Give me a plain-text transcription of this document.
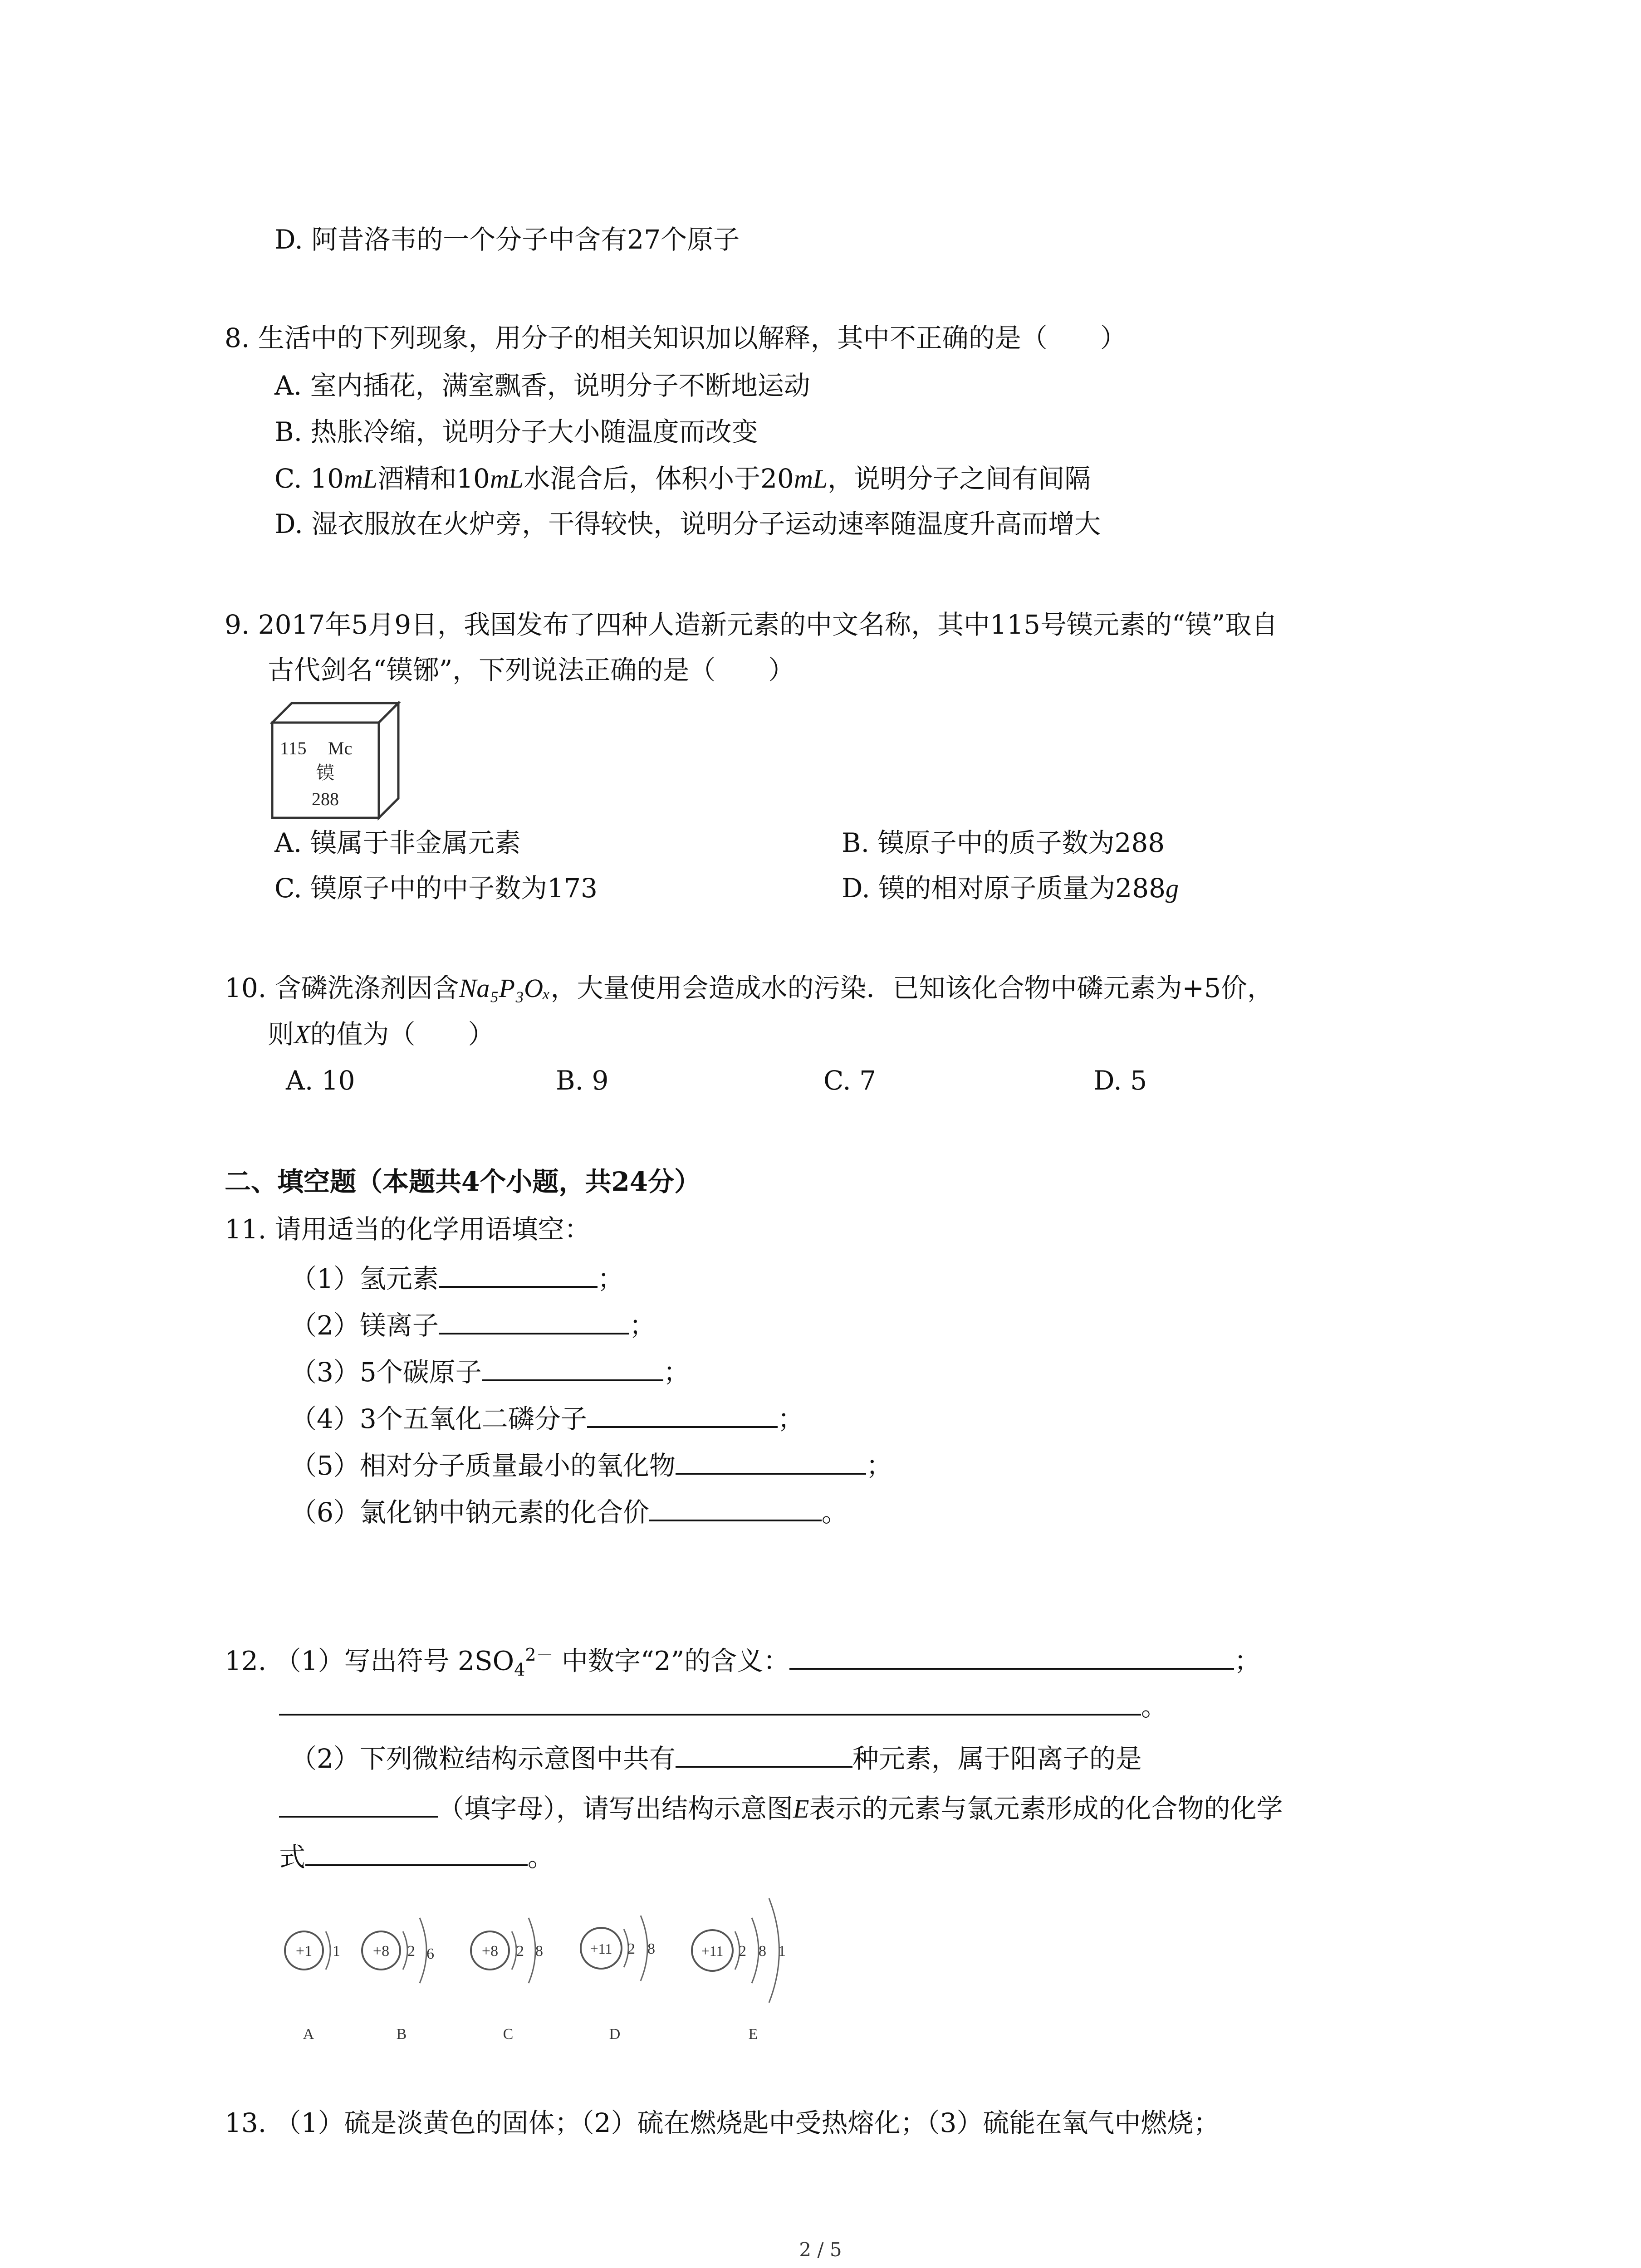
D. 阿昔洛韦的一个分子中含有27个原子
8. 生活中的下列现象，用分子的相关知识加以解释，其中不正确的是（　　）
A. 室内插花，满室飘香，说明分子不断地运动
B. 热胀冷缩，说明分子大小随温度而改变
C. 10mL酒精和10mL水混合后，体积小于20mL，说明分子之间有间隔
D. 湿衣服放在火炉旁，干得较快，说明分子运动速率随温度升高而增大
9. 2017年5月9日，我国发布了四种人造新元素的中文名称，其中115号镆元素的“镆”取自
古代剑名“镆铘”，下列说法正确的是（　　）
115 Mc
镆
288
A. 镆属于非金属元素	B. 镆原子中的质子数为288
C. 镆原子中的中子数为173	D. 镆的相对原子质量为288g
10. 含磷洗涤剂因含Na₅P₃Oₓ，大量使用会造成水的污染．已知该化合物中磷元素为+5价，
则X的值为（　　）
A. 10	B. 9	C. 7	D. 5
二、填空题（本题共4个小题，共24分）
11. 请用适当的化学用语填空：
（1）氢元素	；
（2）镁离子	；
（3）5个碳原子	；
（4）3个五氧化二磷分子	；
（5）相对分子质量最小的氧化物	；
（6）氯化钠中钠元素的化合价	。
12. （1）写出符号 $2SO_4^{2-}$ 中数字“2”的含义：	；
。
（2）下列微粒结构示意图中共有	种元素，属于阳离子的是
（填字母），请写出结构示意图E表示的元素与氯元素形成的化合物的化学
式	。
+1 1
A
+8 2 6
B
+8 2 8
C
+11 2 8
D
+11 2 8 1
E
13. （1）硫是淡黄色的固体；（2）硫在燃烧匙中受热熔化；（3）硫能在氧气中燃烧；
2 / 5
